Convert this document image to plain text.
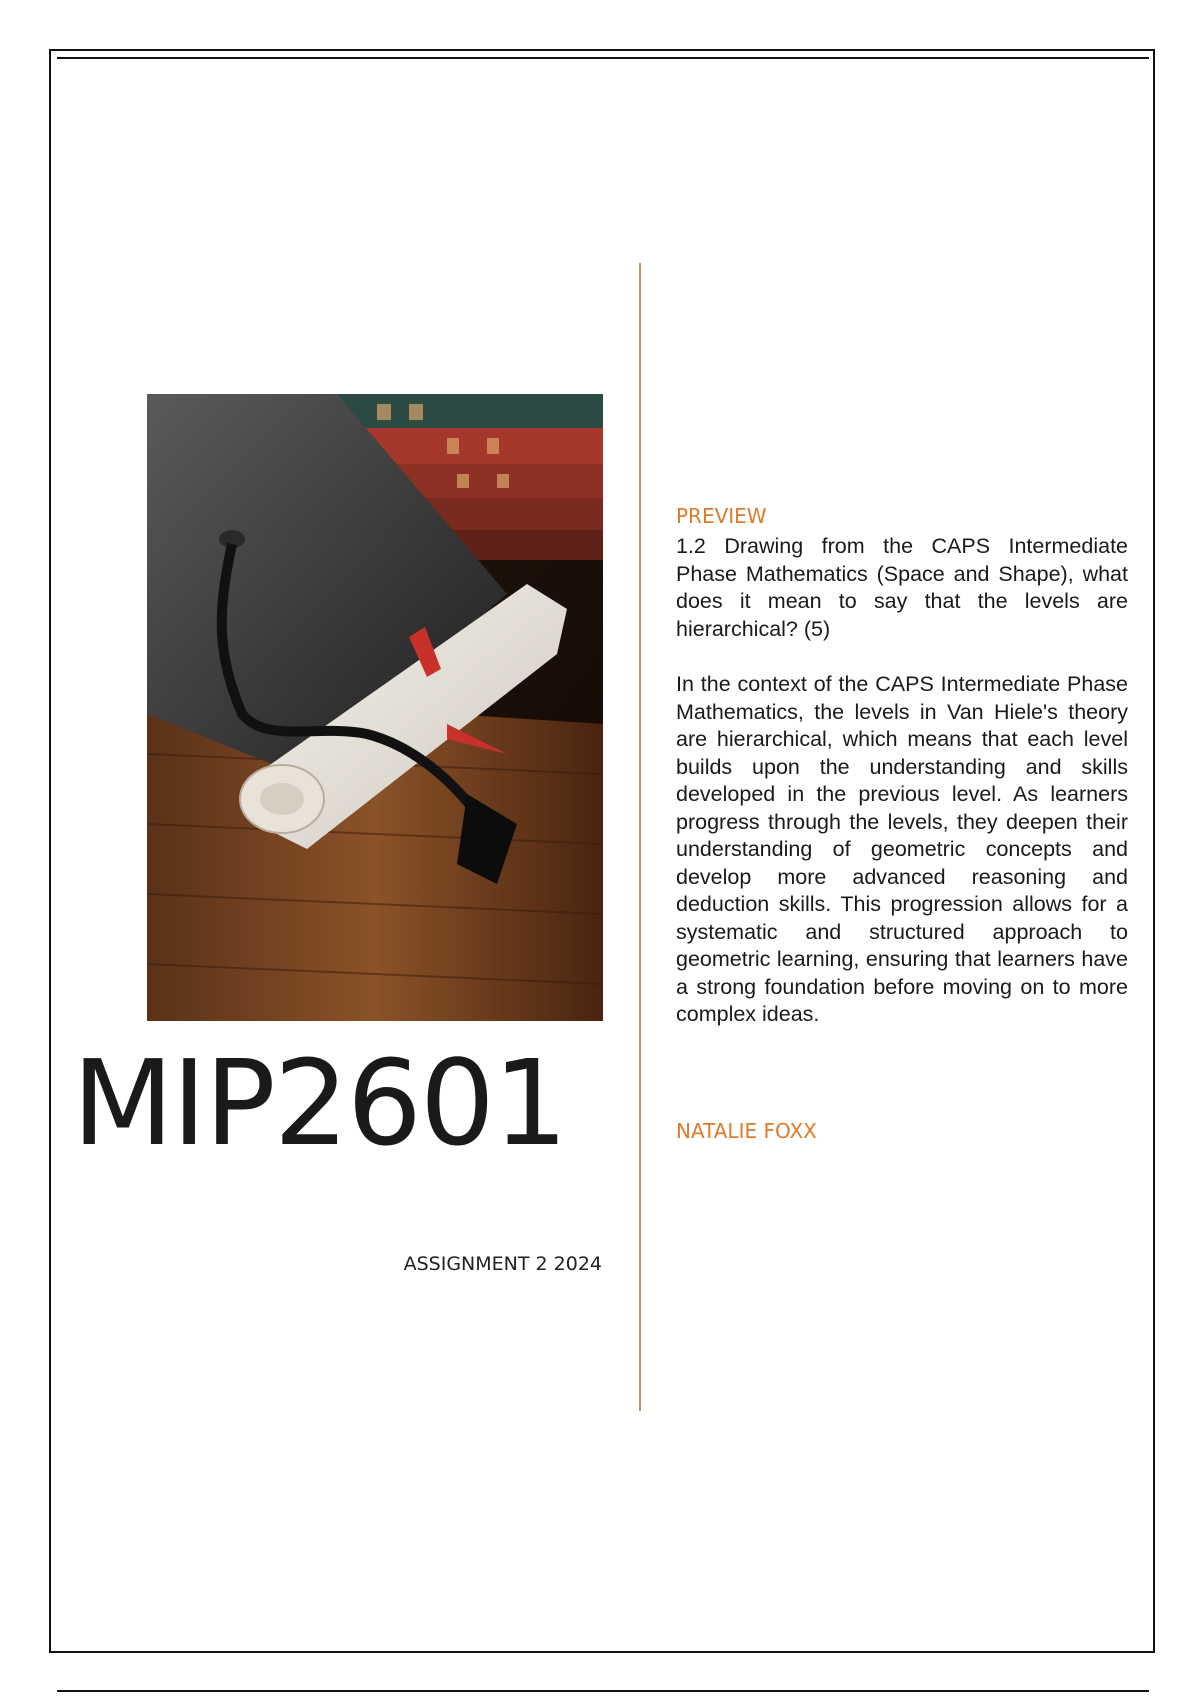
MIP2601
ASSIGNMENT 2 2024

PREVIEW

1.2 Drawing from the CAPS Intermediate Phase Mathematics (Space and Shape), what does it mean to say that the levels are hierarchical? (5)

In the context of the CAPS Intermediate Phase Mathematics, the levels in Van Hiele's theory are hierarchical, which means that each level builds upon the understanding and skills developed in the previous level. As learners progress through the levels, they deepen their understanding of geometric concepts and develop more advanced reasoning and deduction skills. This progression allows for a systematic and structured approach to geometric learning, ensuring that learners have a strong foundation before moving on to more complex ideas.

NATALIE FOXX
